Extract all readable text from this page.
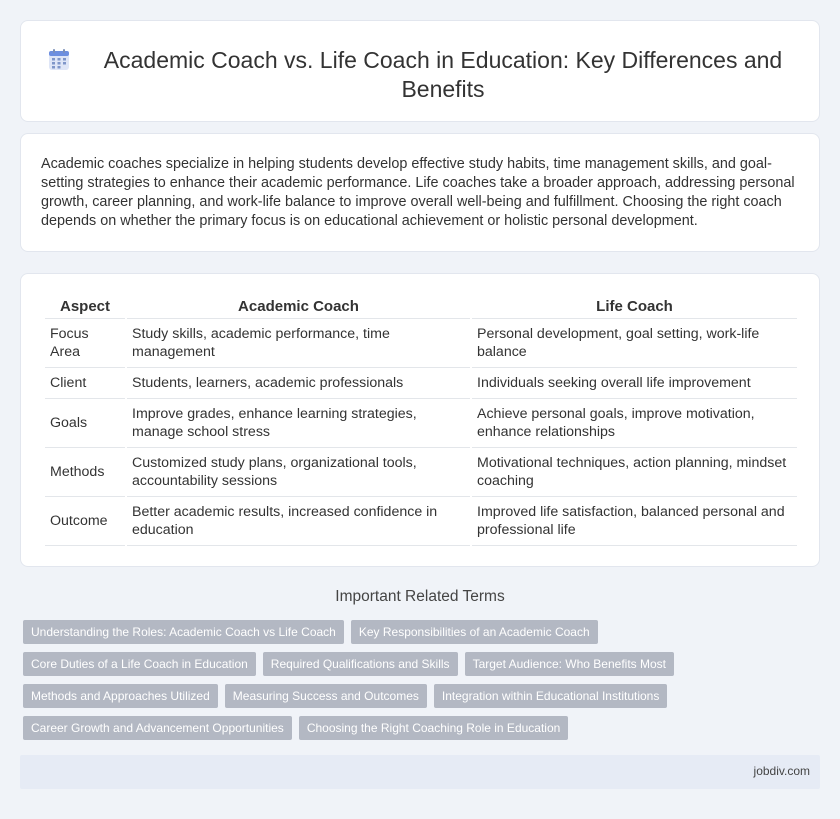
Academic Coach vs. Life Coach in Education: Key Differences and Benefits

Academic coaches specialize in helping students develop effective study habits, time management skills, and goal-setting strategies to enhance their academic performance. Life coaches take a broader approach, addressing personal growth, career planning, and work-life balance to improve overall well-being and fulfillment. Choosing the right coach depends on whether the primary focus is on educational achievement or holistic personal development.

Aspect	Academic Coach	Life Coach
Focus Area	Study skills, academic performance, time management	Personal development, goal setting, work-life balance
Client	Students, learners, academic professionals	Individuals seeking overall life improvement
Goals	Improve grades, enhance learning strategies, manage school stress	Achieve personal goals, improve motivation, enhance relationships
Methods	Customized study plans, organizational tools, accountability sessions	Motivational techniques, action planning, mindset coaching
Outcome	Better academic results, increased confidence in education	Improved life satisfaction, balanced personal and professional life
Important Related Terms
Understanding the Roles: Academic Coach vs Life Coach	Key Responsibilities of an Academic Coach
Core Duties of a Life Coach in Education	Required Qualifications and Skills	Target Audience: Who Benefits Most
Methods and Approaches Utilized	Measuring Success and Outcomes	Integration within Educational Institutions
Career Growth and Advancement Opportunities	Choosing the Right Coaching Role in Education
jobdiv.com
